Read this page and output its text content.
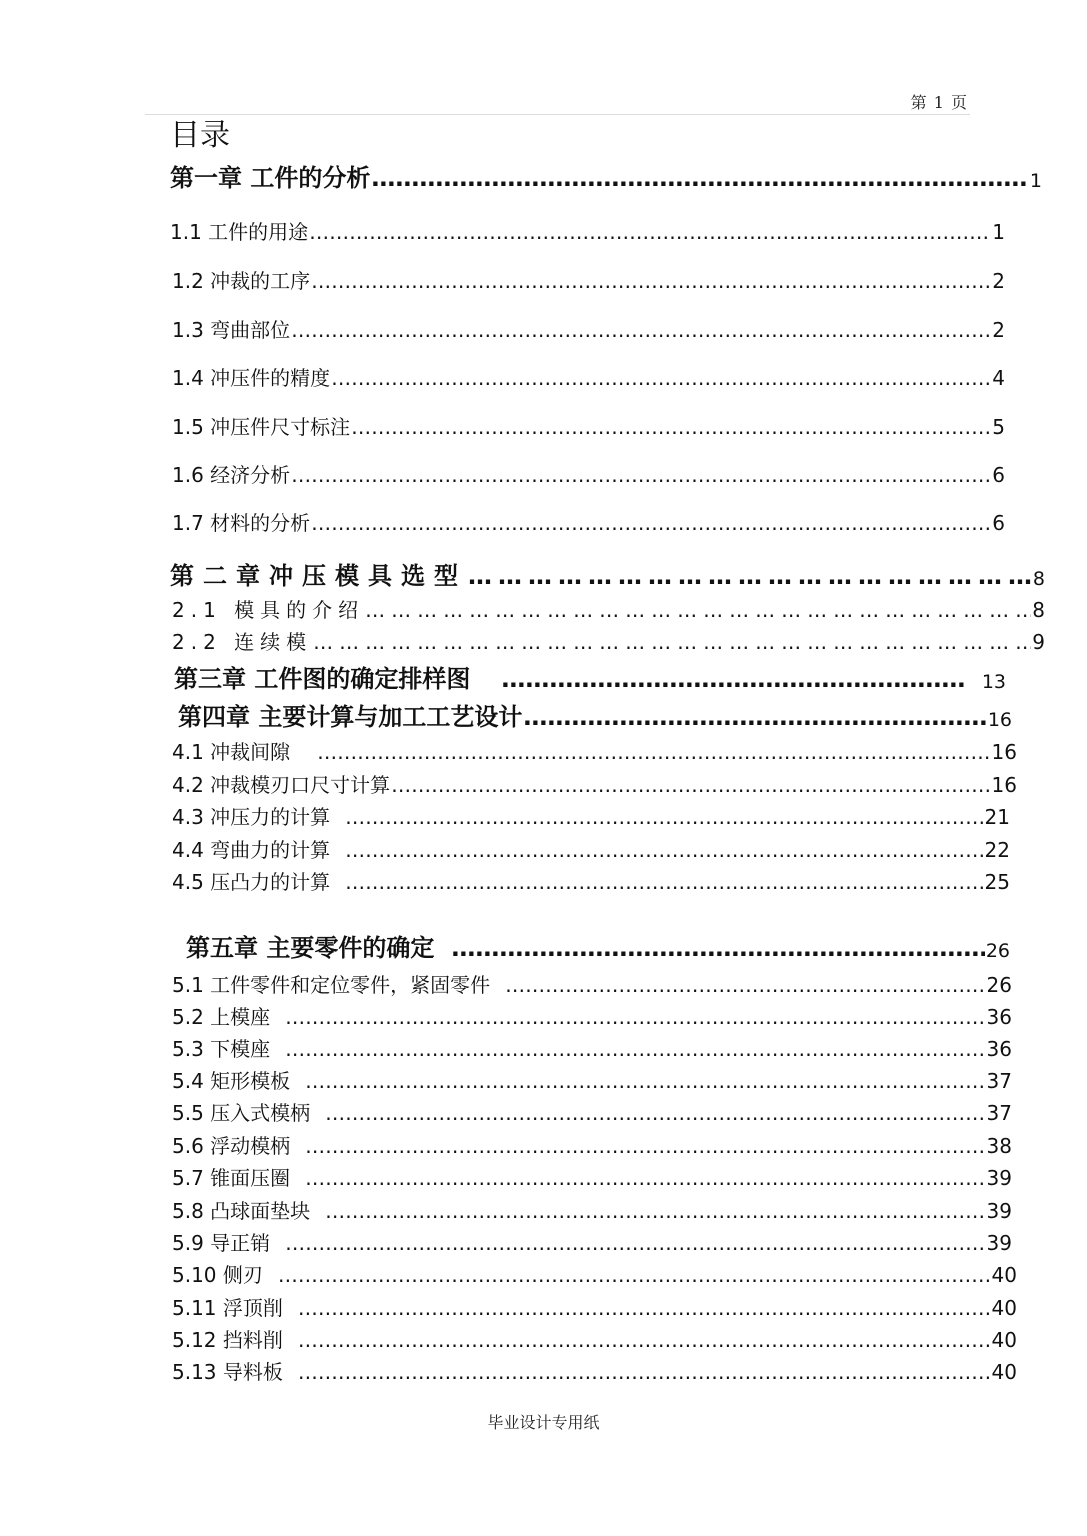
第 1 页
目录
第一章 工件的分析 …………………………………………………………………………………………………………………………………………………………………………………………………………………………	1
1.1 工件的用途 …………………………………………………………………………………………………………………………………………………………………………………………………………………………	1
1.2 冲裁的工序 …………………………………………………………………………………………………………………………………………………………………………………………………………………………	2
1.3 弯曲部位 …………………………………………………………………………………………………………………………………………………………………………………………………………………………	2
1.4 冲压件的精度 …………………………………………………………………………………………………………………………………………………………………………………………………………………………	4
1.5 冲压件尺寸标注 …………………………………………………………………………………………………………………………………………………………………………………………………………………………	5
1.6 经济分析 …………………………………………………………………………………………………………………………………………………………………………………………………………………………	6
1.7 材料的分析 …………………………………………………………………………………………………………………………………………………………………………………………………………………………	6
第二章冲压模具选型 …………………………………………………………………………………………………………………………………………………………………………………………………………………………	8
2.1 模具的介绍 …………………………………………………………………………………………………………………………………………………………………………………………………………………………	8
2.2 连续模 …………………………………………………………………………………………………………………………………………………………………………………………………………………………	9
第三章 工件图的确定排样图 …………………………………………………………………………………………………………………………………………………………………………………………………………………………	13
第四章 主要计算与加工工艺设计 …………………………………………………………………………………………………………………………………………………………………………………………………………………………	16
4.1 冲裁间隙 …………………………………………………………………………………………………………………………………………………………………………………………………………………………	16
4.2 冲裁模刃口尺寸计算 …………………………………………………………………………………………………………………………………………………………………………………………………………………………	16
4.3 冲压力的计算 …………………………………………………………………………………………………………………………………………………………………………………………………………………………	21
4.4 弯曲力的计算 …………………………………………………………………………………………………………………………………………………………………………………………………………………………	22
4.5 压凸力的计算 …………………………………………………………………………………………………………………………………………………………………………………………………………………………	25
第五章 主要零件的确定 …………………………………………………………………………………………………………………………………………………………………………………………………………………………	26
5.1 工件零件和定位零件，紧固零件 …………………………………………………………………………………………………………………………………………………………………………………………………………………………	26
5.2 上模座 …………………………………………………………………………………………………………………………………………………………………………………………………………………………	36
5.3 下模座 …………………………………………………………………………………………………………………………………………………………………………………………………………………………	36
5.4 矩形模板 …………………………………………………………………………………………………………………………………………………………………………………………………………………………	37
5.5 压入式模柄 …………………………………………………………………………………………………………………………………………………………………………………………………………………………	37
5.6 浮动模柄 …………………………………………………………………………………………………………………………………………………………………………………………………………………………	38
5.7 锥面压圈 …………………………………………………………………………………………………………………………………………………………………………………………………………………………	39
5.8 凸球面垫块 …………………………………………………………………………………………………………………………………………………………………………………………………………………………	39
5.9 导正销 …………………………………………………………………………………………………………………………………………………………………………………………………………………………	39
5.10 侧刃 …………………………………………………………………………………………………………………………………………………………………………………………………………………………	40
5.11 浮顶削 …………………………………………………………………………………………………………………………………………………………………………………………………………………………	40
5.12 挡料削 …………………………………………………………………………………………………………………………………………………………………………………………………………………………	40
5.13 导料板 …………………………………………………………………………………………………………………………………………………………………………………………………………………………	40
毕业设计专用纸
